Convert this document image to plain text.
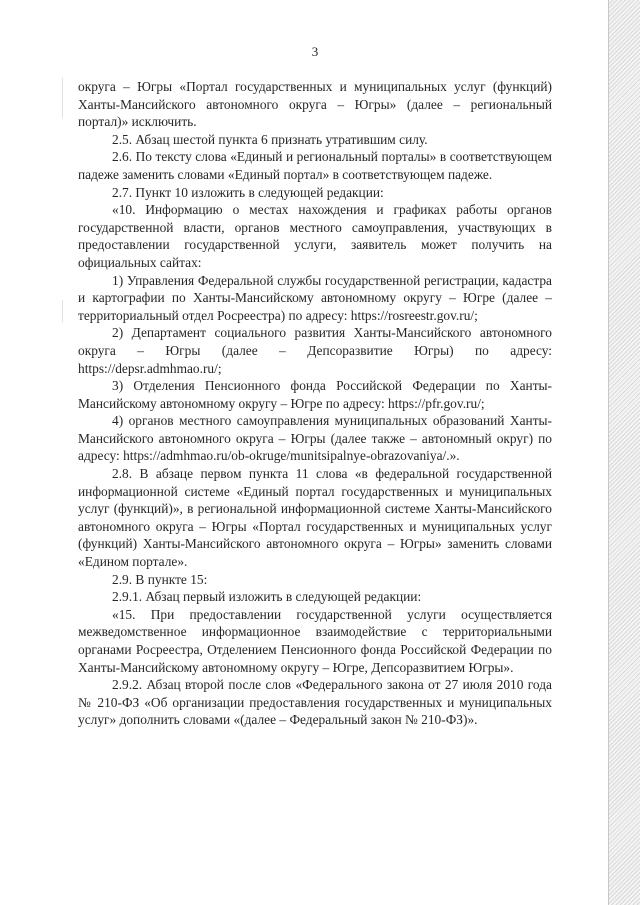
3

округа – Югры «Портал государственных и муниципальных услуг (функций) Ханты-Мансийского автономного округа – Югры» (далее – региональный портал)» исключить.

2.5. Абзац шестой пункта 6 признать утратившим силу.

2.6. По тексту слова «Единый и региональный порталы» в соответствующем падеже заменить словами «Единый портал» в соответствующем падеже.

2.7. Пункт 10 изложить в следующей редакции:

«10. Информацию о местах нахождения и графиках работы органов государственной власти, органов местного самоуправления, участвующих в предоставлении государственной услуги, заявитель может получить на официальных сайтах:

1) Управления Федеральной службы государственной регистрации, кадастра и картографии по Ханты-Мансийскому автономному округу – Югре (далее – территориальный отдел Росреестра) по адресу: https://rosreestr.gov.ru/;

2) Департамент социального развития Ханты-Мансийского автономного округа – Югры (далее – Депсоразвитие Югры) по адресу: https://depsr.admhmao.ru/;

3) Отделения Пенсионного фонда Российской Федерации по Ханты-Мансийскому автономному округу – Югре по адресу: https://pfr.gov.ru/;

4) органов местного самоуправления муниципальных образований Ханты-Мансийского автономного округа – Югры (далее также – автономный округ) по адресу: https://admhmao.ru/ob-okruge/munitsipalnye-obrazovaniya/.».

2.8. В абзаце первом пункта 11 слова «в федеральной государственной информационной системе «Единый портал государственных и муниципальных услуг (функций)», в региональной информационной системе Ханты-Мансийского автономного округа – Югры «Портал государственных и муниципальных услуг (функций) Ханты-Мансийского автономного округа – Югры» заменить словами «Едином портале».

2.9. В пункте 15:

2.9.1. Абзац первый изложить в следующей редакции:

«15. При предоставлении государственной услуги осуществляется межведомственное информационное взаимодействие с территориальными органами Росреестра, Отделением Пенсионного фонда Российской Федерации по Ханты-Мансийскому автономному округу – Югре, Депсоразвитием Югры».

2.9.2. Абзац второй после слов «Федерального закона от 27 июля 2010 года № 210-ФЗ «Об организации предоставления государственных и муниципальных услуг» дополнить словами «(далее – Федеральный закон № 210-ФЗ)».
